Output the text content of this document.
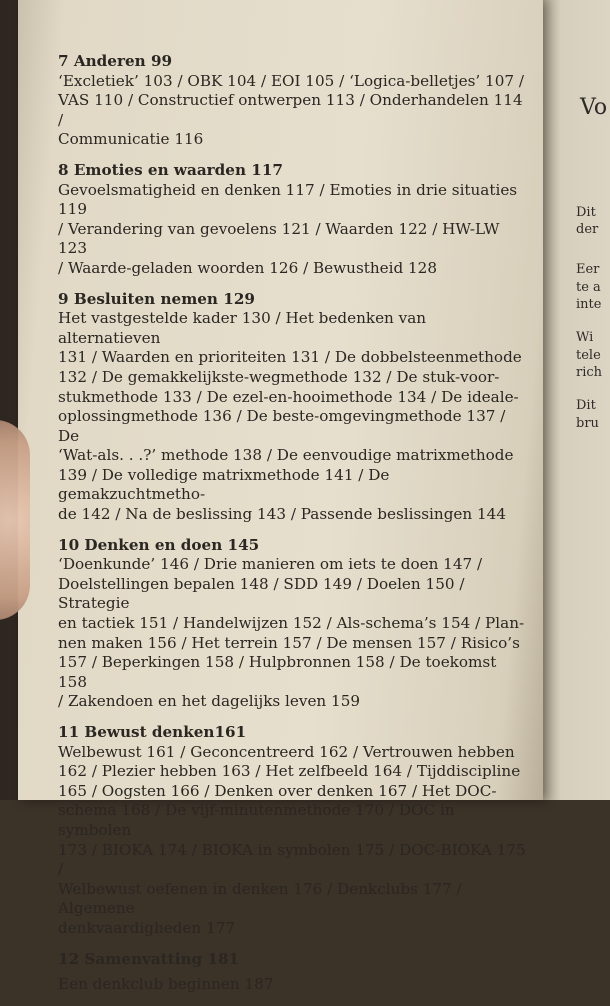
Vo
Dit
der
Eer
te a
inte
Wi
tele
rich
Dit
bru
7 Anderen 99
‘Excletiek’ 103 / OBK 104 / EOI 105 / ‘Logica-belletjes’ 107 /
VAS 110 / Constructief ontwerpen 113 / Onderhandelen 114 /
Communicatie 116
8 Emoties en waarden 117
Gevoelsmatigheid en denken 117 / Emoties in drie situaties 119
/ Verandering van gevoelens 121 / Waarden 122 / HW-LW 123
/ Waarde-geladen woorden 126 / Bewustheid 128
9 Besluiten nemen 129
Het vastgestelde kader 130 / Het bedenken van alternatieven
131 / Waarden en prioriteiten 131 / De dobbelsteenmethode
132 / De gemakkelijkste-wegmethode 132 / De stuk-voor-
stukmethode 133 / De ezel-en-hooimethode 134 / De ideale-
oplossingmethode 136 / De beste-omgevingmethode 137 / De
‘Wat-als. . .?’ methode 138 / De eenvoudige matrixmethode
139 / De volledige matrixmethode 141 / De gemakzuchtmetho-
de 142 / Na de beslissing 143 / Passende beslissingen 144
10 Denken en doen 145
‘Doenkunde’ 146 / Drie manieren om iets te doen 147 /
Doelstellingen bepalen 148 / SDD 149 / Doelen 150 / Strategie
en tactiek 151 / Handelwijzen 152 / Als-schema’s 154 / Plan-
nen maken 156 / Het terrein 157 / De mensen 157 / Risico’s
157 / Beperkingen 158 / Hulpbronnen 158 / De toekomst 158
/ Zakendoen en het dagelijks leven 159
11 Bewust denken161
Welbewust 161 / Geconcentreerd 162 / Vertrouwen hebben
162 / Plezier hebben 163 / Het zelfbeeld 164 / Tijddiscipline
165 / Oogsten 166 / Denken over denken 167 / Het DOC-
schema 168 / De vijf-minutenmethode 170 / DOC in symbolen
173 / BIOKA 174 / BIOKA in symbolen 175 / DOC-BIOKA 175 /
Welbewust oefenen in denken 176 / Denkclubs 177 / Algemene
denkvaardigheden 177
12 Samenvatting 181
Een denkclub beginnen 187
